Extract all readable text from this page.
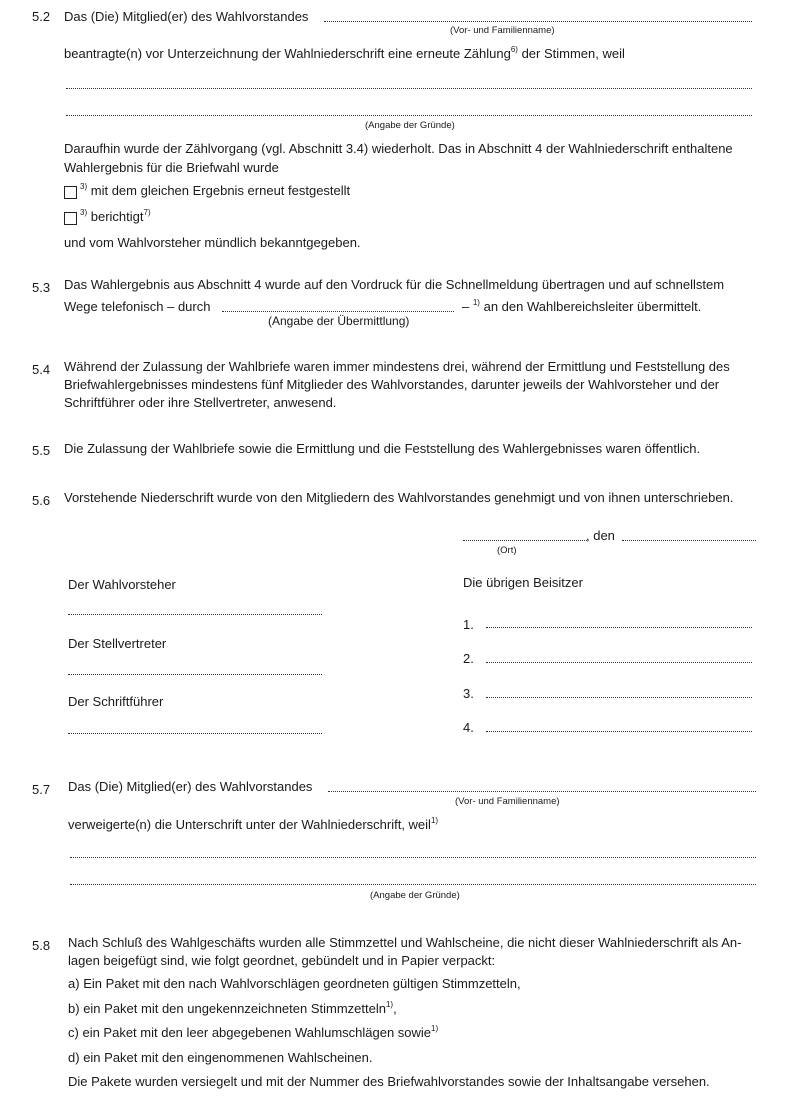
5.2 Das (Die) Mitglied(er) des Wahlvorstandes
(Vor- und Familienname)
beantragte(n) vor Unterzeichnung der Wahlniederschrift eine erneute Zählung$^{6)}$ der Stimmen, weil
(Angabe der Gründe)
Daraufhin wurde der Zählvorgang (vgl. Abschnitt 3.4) wiederholt. Das in Abschnitt 4 der Wahlniederschrift enthaltene
Wahlergebnis für die Briefwahl wurde
$^{3)}$ mit dem gleichen Ergebnis erneut festgestellt
$^{3)}$ berichtigt$^{7)}$
und vom Wahlvorsteher mündlich bekanntgegeben.
5.3 Das Wahlergebnis aus Abschnitt 4 wurde auf den Vordruck für die Schnellmeldung übertragen und auf schnellstem
Wege telefonisch – durch	– $^{1)}$ an den Wahlbereichsleiter übermittelt.
(Angabe der Übermittlung)
5.4 Während der Zulassung der Wahlbriefe waren immer mindestens drei, während der Ermittlung und Feststellung des
Briefwahlergebnisses mindestens fünf Mitglieder des Wahlvorstandes, darunter jeweils der Wahlvorsteher und der
Schriftführer oder ihre Stellvertreter, anwesend.
5.5 Die Zulassung der Wahlbriefe sowie die Ermittlung und die Feststellung des Wahlergebnisses waren öffentlich.
5.6 Vorstehende Niederschrift wurde von den Mitgliedern des Wahlvorstandes genehmigt und von ihnen unterschrieben.
, den
(Ort)
Der Wahlvorsteher
Der Stellvertreter
Der Schriftführer
Die übrigen Beisitzer
1.
2.
3.
4.
5.7 Das (Die) Mitglied(er) des Wahlvorstandes
(Vor- und Familienname)
verweigerte(n) die Unterschrift unter der Wahlniederschrift, weil$^{1)}$
(Angabe der Gründe)
5.8 Nach Schluß des Wahlgeschäfts wurden alle Stimmzettel und Wahlscheine, die nicht dieser Wahlniederschrift als An-
lagen beigefügt sind, wie folgt geordnet, gebündelt und in Papier verpackt:
a) Ein Paket mit den nach Wahlvorschlägen geordneten gültigen Stimmzetteln,
b) ein Paket mit den ungekennzeichneten Stimmzetteln$^{1)}$,
c) ein Paket mit den leer abgegebenen Wahlumschlägen sowie$^{1)}$
d) ein Paket mit den eingenommenen Wahlscheinen.
Die Pakete wurden versiegelt und mit der Nummer des Briefwahlvorstandes sowie der Inhaltsangabe versehen.
